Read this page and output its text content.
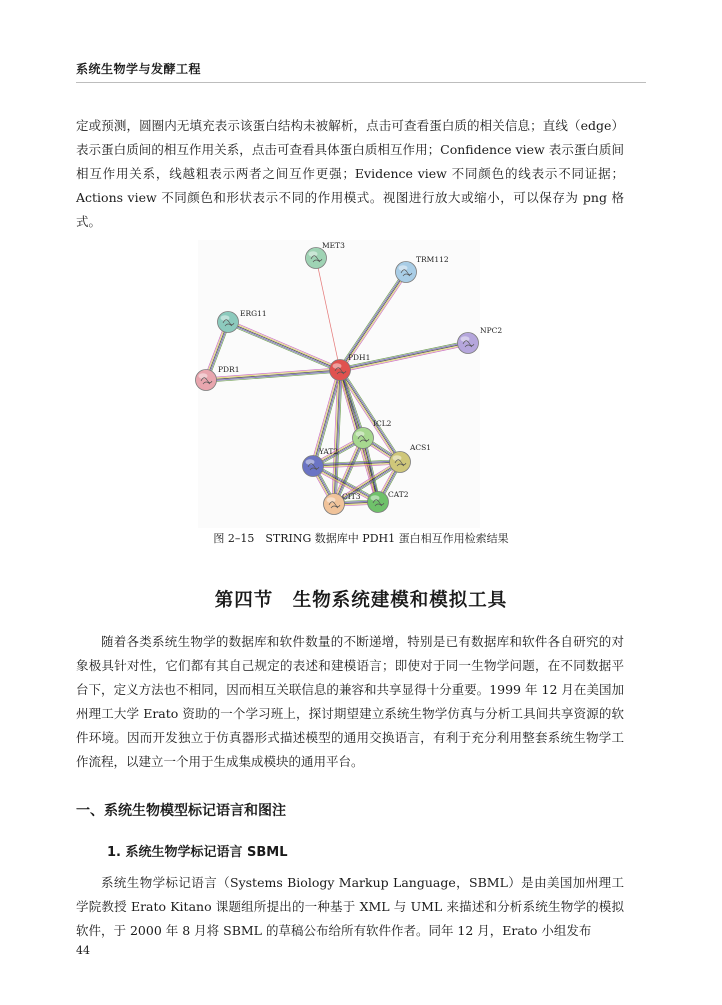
系统生物学与发酵工程

定或预测，圆圈内无填充表示该蛋白结构未被解析，点击可查看蛋白质的相关信息；直线（edge）表示蛋白质间的相互作用关系，点击可查看具体蛋白质相互作用；Confidence view 表示蛋白质间相互作用关系，线越粗表示两者之间互作更强；Evidence view 不同颜色的线表示不同证据；Actions view 不同颜色和形状表示不同的作用模式。视图进行放大或缩小，可以保存为 png 格式。

MET3
TRM112
ERG11
NPC2
PDR1
PDH1
ICL2
YAT2	ACS1
CIT3	CAT2
图 2–15　STRING 数据库中 PDH1 蛋白相互作用检索结果
第四节　生物系统建模和模拟工具

随着各类系统生物学的数据库和软件数量的不断递增，特别是已有数据库和软件各自研究的对象极具针对性，它们都有其自己规定的表述和建模语言；即使对于同一生物学问题，在不同数据平台下，定义方法也不相同，因而相互关联信息的兼容和共享显得十分重要。1999 年 12 月在美国加州理工大学 Erato 资助的一个学习班上，探讨期望建立系统生物学仿真与分析工具间共享资源的软件环境。因而开发独立于仿真器形式描述模型的通用交换语言，有利于充分利用整套系统生物学工作流程，以建立一个用于生成集成模块的通用平台。

一、系统生物模型标记语言和图注
1. 系统生物学标记语言 SBML

系统生物学标记语言（Systems Biology Markup Language，SBML）是由美国加州理工学院教授 Erato Kitano 课题组所提出的一种基于 XML 与 UML 来描述和分析系统生物学的模拟软件，于 2000 年 8 月将 SBML 的草稿公布给所有软件作者。同年 12 月，Erato 小组发布

44
